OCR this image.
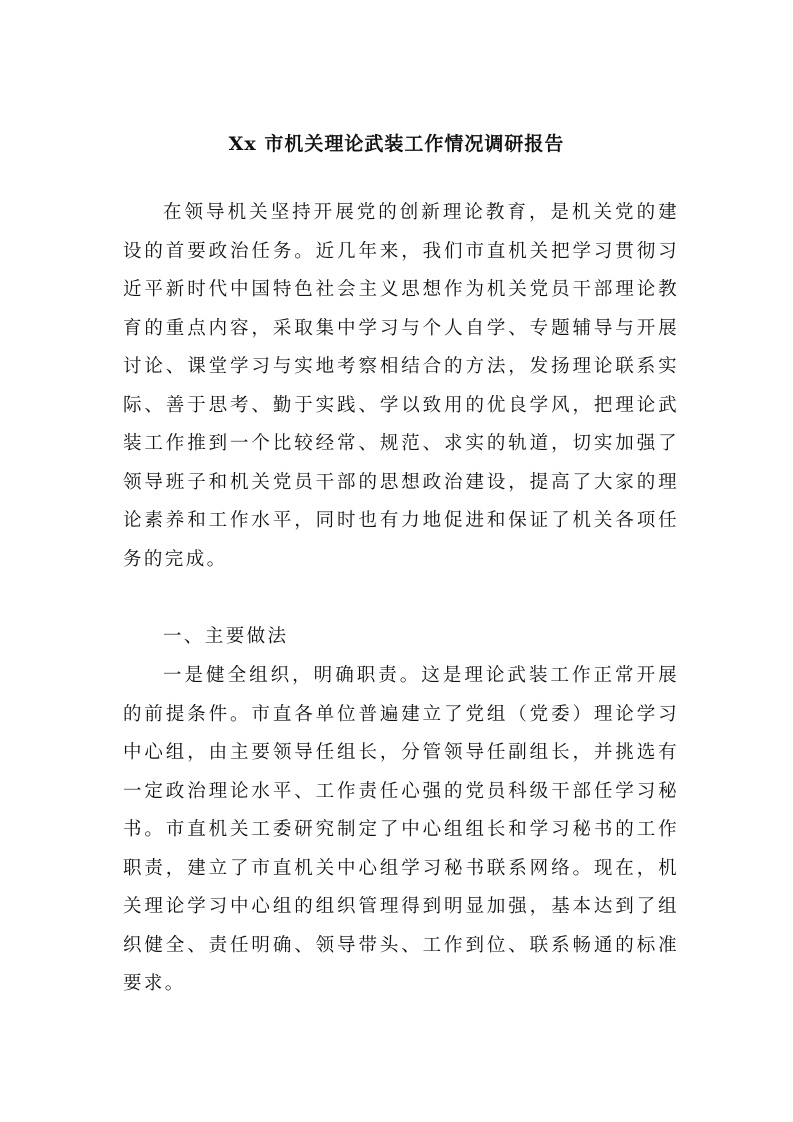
Xx 市机关理论武装工作情况调研报告

在领导机关坚持开展党的创新理论教育，是机关党的建设的首要政治任务。近几年来，我们市直机关把学习贯彻习近平新时代中国特色社会主义思想作为机关党员干部理论教育的重点内容，采取集中学习与个人自学、专题辅导与开展讨论、课堂学习与实地考察相结合的方法，发扬理论联系实际、善于思考、勤于实践、学以致用的优良学风，把理论武装工作推到一个比较经常、规范、求实的轨道，切实加强了领导班子和机关党员干部的思想政治建设，提高了大家的理论素养和工作水平，同时也有力地促进和保证了机关各项任务的完成。

一、主要做法

一是健全组织，明确职责。这是理论武装工作正常开展的前提条件。市直各单位普遍建立了党组（党委）理论学习中心组，由主要领导任组长，分管领导任副组长，并挑选有一定政治理论水平、工作责任心强的党员科级干部任学习秘书。市直机关工委研究制定了中心组组长和学习秘书的工作职责，建立了市直机关中心组学习秘书联系网络。现在，机关理论学习中心组的组织管理得到明显加强，基本达到了组织健全、责任明确、领导带头、工作到位、联系畅通的标准要求。
